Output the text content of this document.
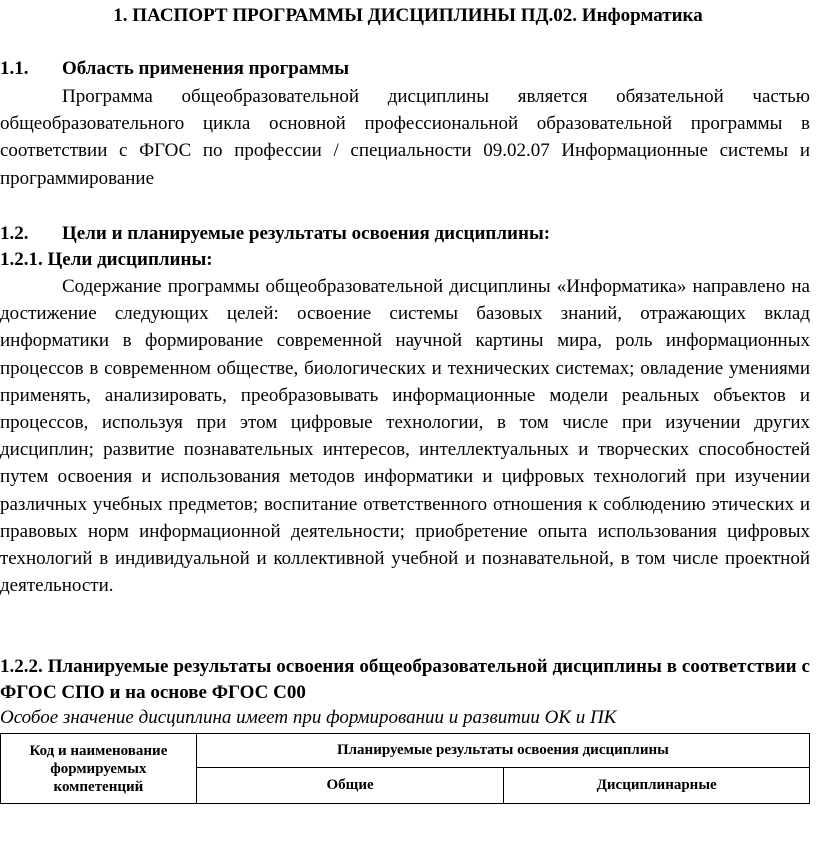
1. ПАСПОРТ ПРОГРАММЫ ДИСЦИПЛИНЫ ПД.02. Информатика
1.1. Область применения программы
Программа общеобразовательной дисциплины является обязательной частью общеобразовательного цикла основной профессиональной образовательной программы в соответствии с ФГОС по профессии / специальности 09.02.07 Информационные системы и программирование
1.2. Цели и планируемые результаты освоения дисциплины:
1.2.1. Цели дисциплины:
Содержание программы общеобразовательной дисциплины «Информатика» направлено на достижение следующих целей: освоение системы базовых знаний, отражающих вклад информатики в формирование современной научной картины мира, роль информационных процессов в современном обществе, биологических и технических системах; овладение умениями применять, анализировать, преобразовывать информационные модели реальных объектов и процессов, используя при этом цифровые технологии, в том числе при изучении других дисциплин; развитие познавательных интересов, интеллектуальных и творческих способностей путем освоения и использования методов информатики и цифровых технологий при изучении различных учебных предметов; воспитание ответственного отношения к соблюдению этических и правовых норм информационной деятельности; приобретение опыта использования цифровых технологий в индивидуальной и коллективной учебной и познавательной, в том числе проектной деятельности.
1.2.2. Планируемые результаты освоения общеобразовательной дисциплины в соответствии с ФГОС СПО и на основе ФГОС С00
Особое значение дисциплина имеет при формировании и развитии ОК и ПК
Код и наименование формируемых компетенций	Планируемые результаты освоения дисциплины	
	Общие	Дисциплинарные
